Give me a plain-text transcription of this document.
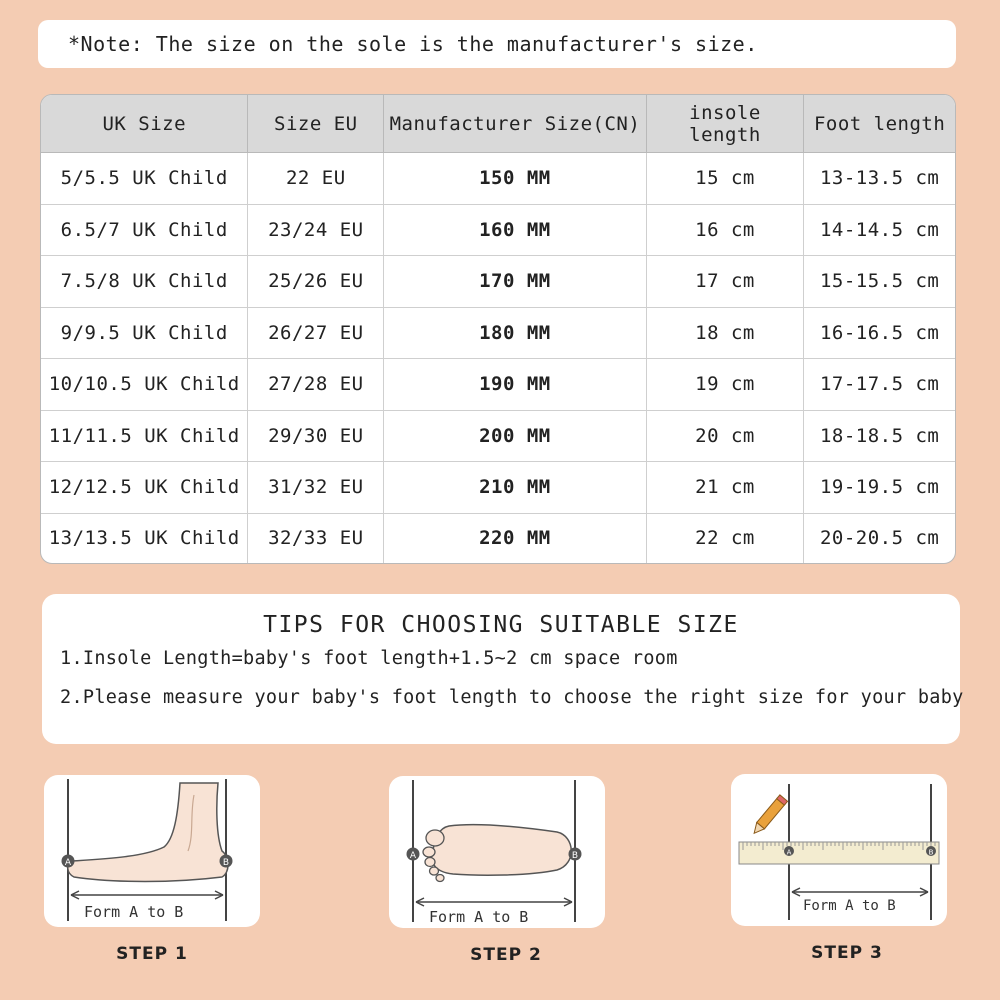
*Note: The size on the sole is the manufacturer's size.
UK Size	Size EU	Manufacturer Size(CN)	insole length	Foot length
5/5.5 UK Child	22 EU	150 MM	15 cm	13-13.5 cm
6.5/7 UK Child	23/24 EU	160 MM	16 cm	14-14.5 cm
7.5/8 UK Child	25/26 EU	170 MM	17 cm	15-15.5 cm
9/9.5 UK Child	26/27 EU	180 MM	18 cm	16-16.5 cm
10/10.5 UK Child	27/28 EU	190 MM	19 cm	17-17.5 cm
11/11.5 UK Child	29/30 EU	200 MM	20 cm	18-18.5 cm
12/12.5 UK Child	31/32 EU	210 MM	21 cm	19-19.5 cm
13/13.5 UK Child	32/33 EU	220 MM	22 cm	20-20.5 cm
TIPS FOR CHOOSING SUITABLE SIZE

1.Insole Length=baby's foot length+1.5~2 cm space room

2.Please measure your baby's foot length to choose the right size for your baby

A	B
Form A to B
STEP 1
A	B
Form A to B
STEP 2
A	B
Form A to B
STEP 3
